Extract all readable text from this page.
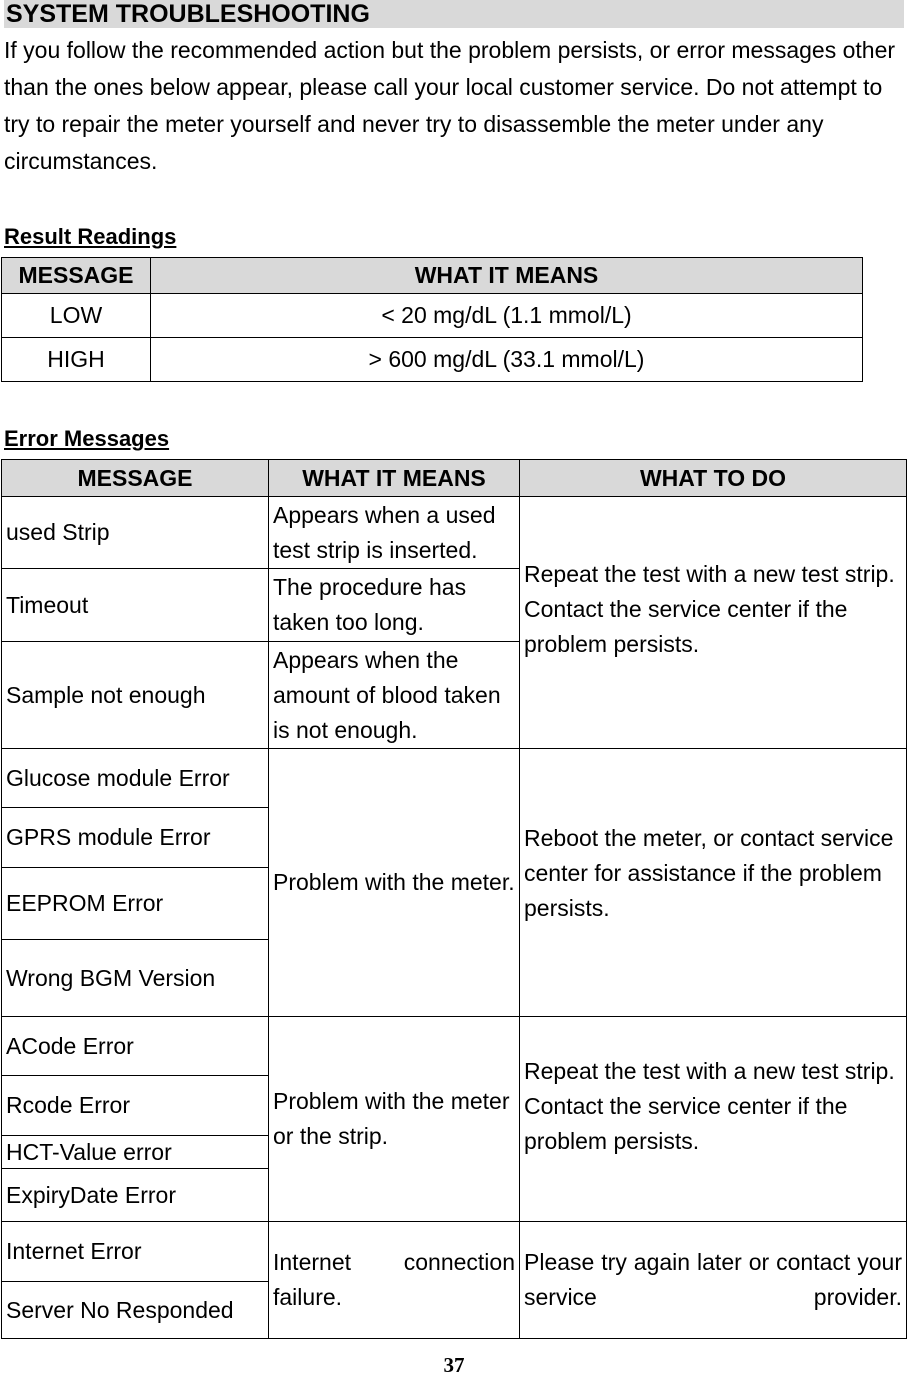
SYSTEM TROUBLESHOOTING

If you follow the recommended action but the problem persists, or error messages other than the ones below appear, please call your local customer service. Do not attempt to try to repair the meter yourself and never try to disassemble the meter under any circumstances.

Result Readings

MESSAGE	WHAT IT MEANS
LOW	< 20 mg/dL (1.1 mmol/L)
HIGH	> 600 mg/dL (33.1 mmol/L)

Error Messages

MESSAGE	WHAT IT MEANS	WHAT TO DO
used Strip	Appears when a used test strip is inserted.	Repeat the test with a new test strip. Contact the service center if the problem persists.
Timeout	The procedure has taken too long.	
Sample not enough	Appears when the amount of blood taken is not enough.	
Glucose module Error	Problem with the meter.	Reboot the meter, or contact service center for assistance if the problem persists.
GPRS module Error		
EEPROM Error		
Wrong BGM Version		
ACode Error	Problem with the meter or the strip.	Repeat the test with a new test strip. Contact the service center if the problem persists.
Rcode Error		
HCT-Value error		
ExpiryDate Error		
Internet Error	Internet connection failure.	Please try again later or contact your service provider.
Server No Responded		

37
